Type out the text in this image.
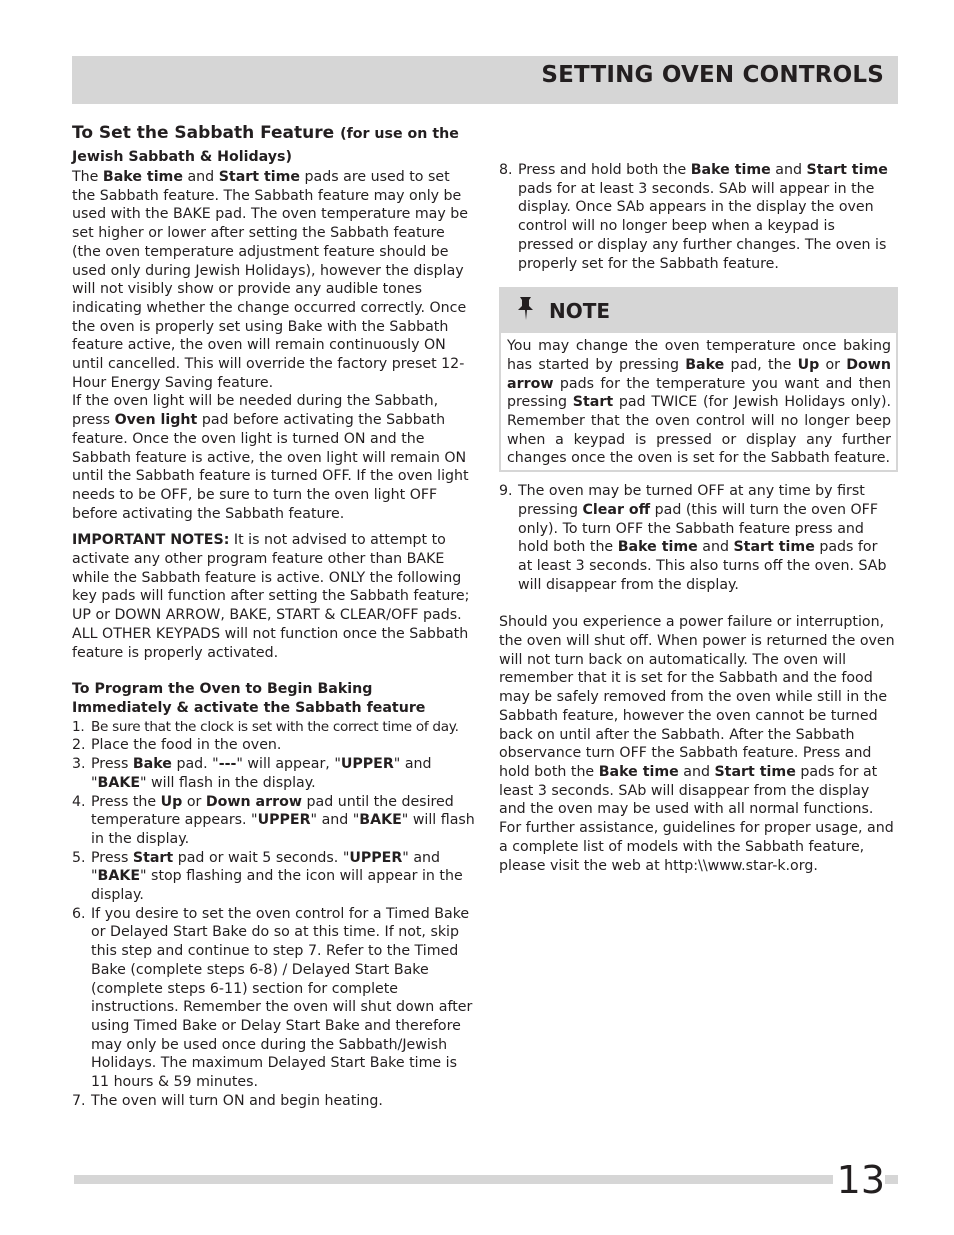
SETTING OVEN CONTROLS

To Set the Sabbath Feature (for use on the Jewish Sabbath & Holidays)

The Bake time and Start time pads are used to set the Sabbath feature. The Sabbath feature may only be used with the BAKE pad. The oven temperature may be set higher or lower after setting the Sabbath feature (the oven temperature adjustment feature should be used only during Jewish Holidays), however the display will not visibly show or provide any audible tones indicating whether the change occurred correctly. Once the oven is properly set using Bake with the Sabbath feature active, the oven will remain continuously ON until cancelled. This will override the factory preset 12-Hour Energy Saving feature.

If the oven light will be needed during the Sabbath, press Oven light pad before activating the Sabbath feature. Once the oven light is turned ON and the Sabbath feature is active, the oven light will remain ON until the Sabbath feature is turned OFF. If the oven light needs to be OFF, be sure to turn the oven light OFF before activating the Sabbath feature.

IMPORTANT NOTES: It is not advised to attempt to activate any other program feature other than BAKE while the Sabbath feature is active. ONLY the following key pads will function after setting the Sabbath feature; UP or DOWN ARROW, BAKE, START & CLEAR/OFF pads. ALL OTHER KEYPADS will not function once the Sabbath feature is properly activated.

To Program the Oven to Begin Baking Immediately & activate the Sabbath feature

1. Be sure that the clock is set with the correct time of day.
2. Place the food in the oven.
3. Press Bake pad. "---" will appear, "UPPER" and "BAKE" will flash in the display.
4. Press the Up or Down arrow pad until the desired temperature appears. "UPPER" and "BAKE" will flash in the display.
5. Press Start pad or wait 5 seconds. "UPPER" and "BAKE" stop flashing and the icon will appear in the display.
6. If you desire to set the oven control for a Timed Bake or Delayed Start Bake do so at this time. If not, skip this step and continue to step 7. Refer to the Timed Bake (complete steps 6-8) / Delayed Start Bake (complete steps 6-11) section for complete instructions. Remember the oven will shut down after using Timed Bake or Delay Start Bake and therefore may only be used once during the Sabbath/Jewish Holidays. The maximum Delayed Start Bake time is 11 hours & 59 minutes.
7. The oven will turn ON and begin heating.
8. Press and hold both the Bake time and Start time pads for at least 3 seconds. SAb will appear in the display. Once SAb appears in the display the oven control will no longer beep when a keypad is pressed or display any further changes. The oven is properly set for the Sabbath feature.
NOTE

You may change the oven temperature once baking has started by pressing Bake pad, the Up or Down arrow pads for the temperature you want and then pressing Start pad TWICE (for Jewish Holidays only). Remember that the oven control will no longer beep when a keypad is pressed or display any further changes once the oven is set for the Sabbath feature.

9. The oven may be turned OFF at any time by first pressing Clear off pad (this will turn the oven OFF only). To turn OFF the Sabbath feature press and hold both the Bake time and Start time pads for at least 3 seconds. This also turns off the oven. SAb will disappear from the display.

Should you experience a power failure or interruption, the oven will shut off. When power is returned the oven will not turn back on automatically. The oven will remember that it is set for the Sabbath and the food may be safely removed from the oven while still in the Sabbath feature, however the oven cannot be turned back on until after the Sabbath. After the Sabbath observance turn OFF the Sabbath feature. Press and hold both the Bake time and Start time pads for at least 3 seconds. SAb will disappear from the display and the oven may be used with all normal functions. For further assistance, guidelines for proper usage, and a complete list of models with the Sabbath feature, please visit the web at http:\\www.star-k.org.

13
